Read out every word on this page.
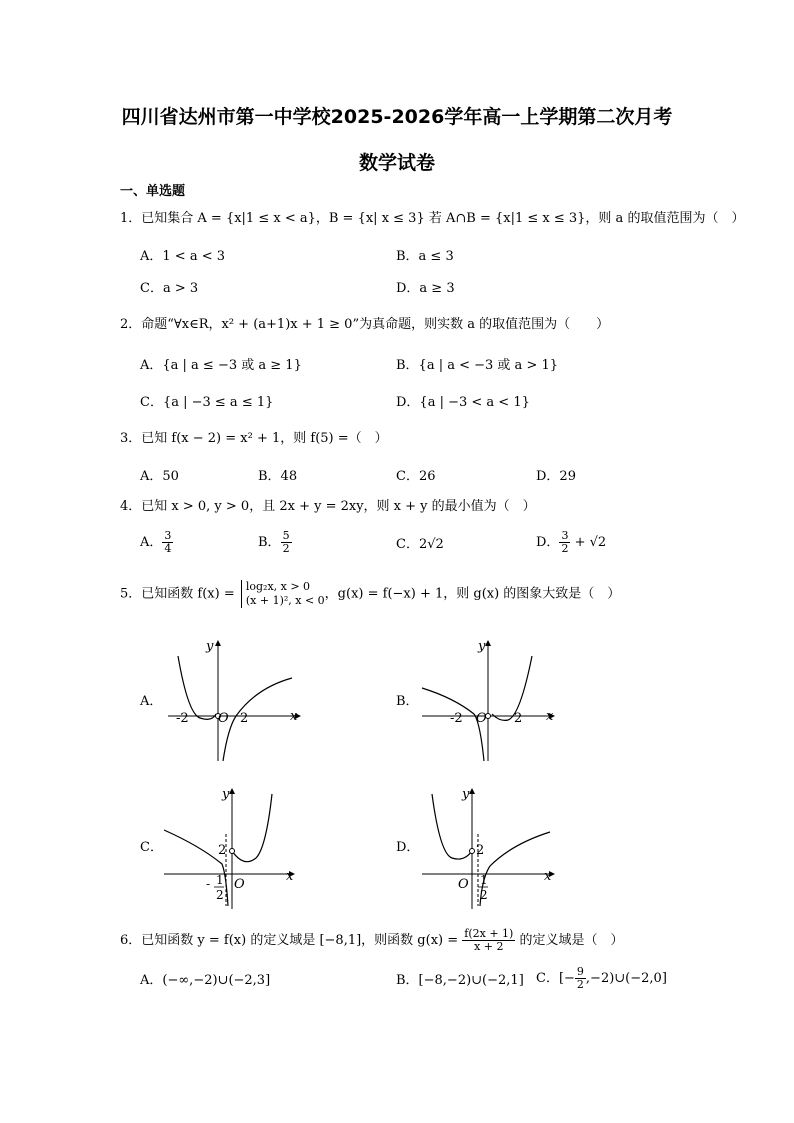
四川省达州市第一中学校2025-2026学年高一上学期第二次月考
数学试卷
一、单选题
1．已知集合 A = {x|1 ≤ x < a}，B = {x| x ≤ 3} 若 A∩B = {x|1 ≤ x ≤ 3}，则 a 的取值范围为（　）
A．1 < a < 3	B．a ≤ 3
C．a > 3	D．a ≥ 3
2．命题“∀x∈R，x² + (a+1)x + 1 ≥ 0”为真命题，则实数 a 的取值范围为（　　）
A．{a | a ≤ −3 或 a ≥ 1}	B．{a | a < −3 或 a > 1}
C．{a | −3 ≤ a ≤ 1}	D．{a | −3 < a < 1}
3．已知 f(x − 2) = x² + 1，则 f(5) =（　）
A．50	B．48	C．26	D．29
4．已知 x > 0, y > 0，且 2x + y = 2xy，则 x + y 的最小值为（　）
A． $\frac{3}{4}$	B． $\frac{5}{2}$	C．2√2	D． $\frac{3}{2} + √2$
5．已知函数 f(x) = log₂x, x > 0
(x + 1)², x < 0 ，g(x) = f(−x) + 1，则 g(x) 的图象大致是（　）
A．	B．
C．	D．
y
x
O
-2	2
y
x
O
-2	2
y
x
O
2
- 1
2
y
x
O
2
1
2
6．已知函数 y = f(x) 的定义域是 [−8,1]，则函数 $g(x) = \frac{f(2x + 1)}{x + 2}$ 的定义域是（　）
A．(−∞,−2)∪(−2,3]	B．[−8,−2)∪(−2,1] C．[− $\frac{9}{2}$ ,−2)∪(−2,0]
